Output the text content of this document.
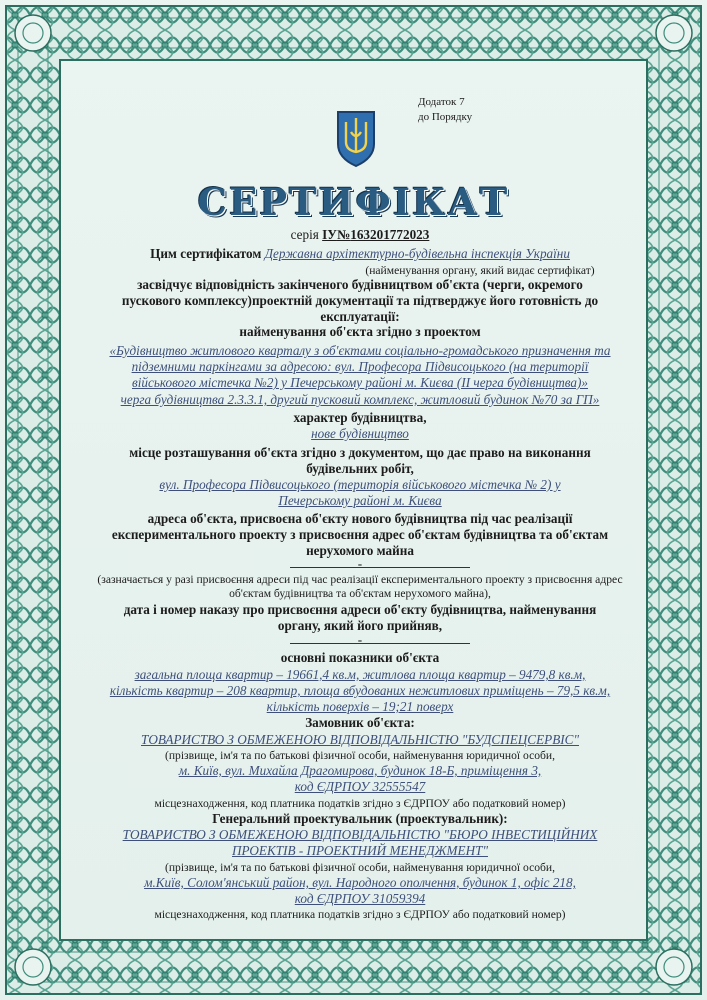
Додаток 7
до Порядку
СЕРТИФІКАТ
серія ІУ№163201772023
Цим сертифікатом Державна архітектурно-будівельна інспекція України
(найменування органу, який видає сертифікат)
засвідчує відповідність закінченого будівництвом об'єкта (черги, окремого
пускового комплексу)проектній документації та підтверджує його готовність до
експлуатації:
найменування об'єкта згідно з проектом
«Будівництво житлового кварталу з об'єктами соціально-громадського призначення та
підземними паркінгами за адресою: вул. Професора Підвисоцького (на території
військового містечка №2) у Печерському районі м. Києва (ІІ черга будівництва)»
черга будівництва 2.3.3.1, другий пусковий комплекс, житловий будинок №70 за ГП»
характер будівництва,
нове будівництво
місце розташування об'єкта згідно з документом, що дає право на виконання
будівельних робіт,
вул. Професора Підвисоцького (територія військового містечка № 2) у
Печерському районі м. Києва
адреса об'єкта, присвоєна об'єкту нового будівництва під час реалізації
експериментального проекту з присвоєння адрес об'єктам будівництва та об'єктам
нерухомого майна
-
(зазначається у разі присвоєння адреси під час реалізації експериментального проекту з присвоєння адрес
об'єктам будівництва та об'єктам нерухомого майна),
дата і номер наказу про присвоєння адреси об'єкту будівництва, найменування
органу, який його прийняв,
-
основні показники об'єкта
загальна площа квартир – 19661,4 кв.м, житлова площа квартир – 9479,8 кв.м,
кількість квартир – 208 квартир, площа вбудованих нежитлових приміщень – 79,5 кв.м,
кількість поверхів – 19;21 поверх
Замовник об'єкта:
ТОВАРИСТВО З ОБМЕЖЕНОЮ ВІДПОВІДАЛЬНІСТЮ "БУДСПЕЦСЕРВІС"
(прізвище, ім'я та по батькові фізичної особи, найменування юридичної особи,
м. Київ, вул. Михайла Драгомирова, будинок 18-Б, приміщення 3,
код ЄДРПОУ 32555547
місцезнаходження, код платника податків згідно з ЄДРПОУ або податковий номер)
Генеральний проектувальник (проектувальник):
ТОВАРИСТВО З ОБМЕЖЕНОЮ ВІДПОВІДАЛЬНІСТЮ "БЮРО ІНВЕСТИЦІЙНИХ
ПРОЕКТІВ - ПРОЕКТНИЙ МЕНЕДЖМЕНТ"
(прізвище, ім'я та по батькові фізичної особи, найменування юридичної особи,
м.Київ, Солом'янський район, вул. Народного ополчення, будинок 1, офіс 218,
код ЄДРПОУ 31059394
місцезнаходження, код платника податків згідно з ЄДРПОУ або податковий номер)
